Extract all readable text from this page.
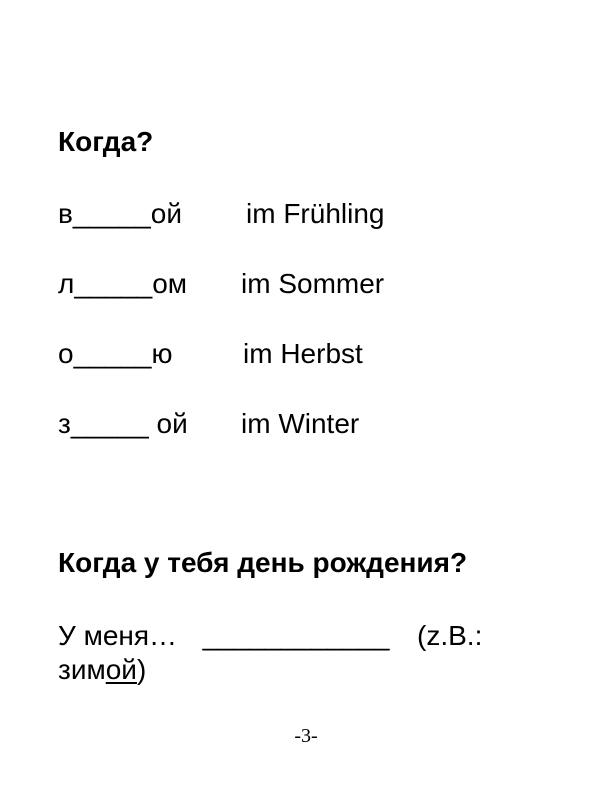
Когда?
в_____ой im Frühling
л_____ом im Sommer
о_____ю	im Herbst
з_____ ой im Winter
Когда у тебя день рождения?
У меня… ____________ (z.B.:
зимой)
-3-
